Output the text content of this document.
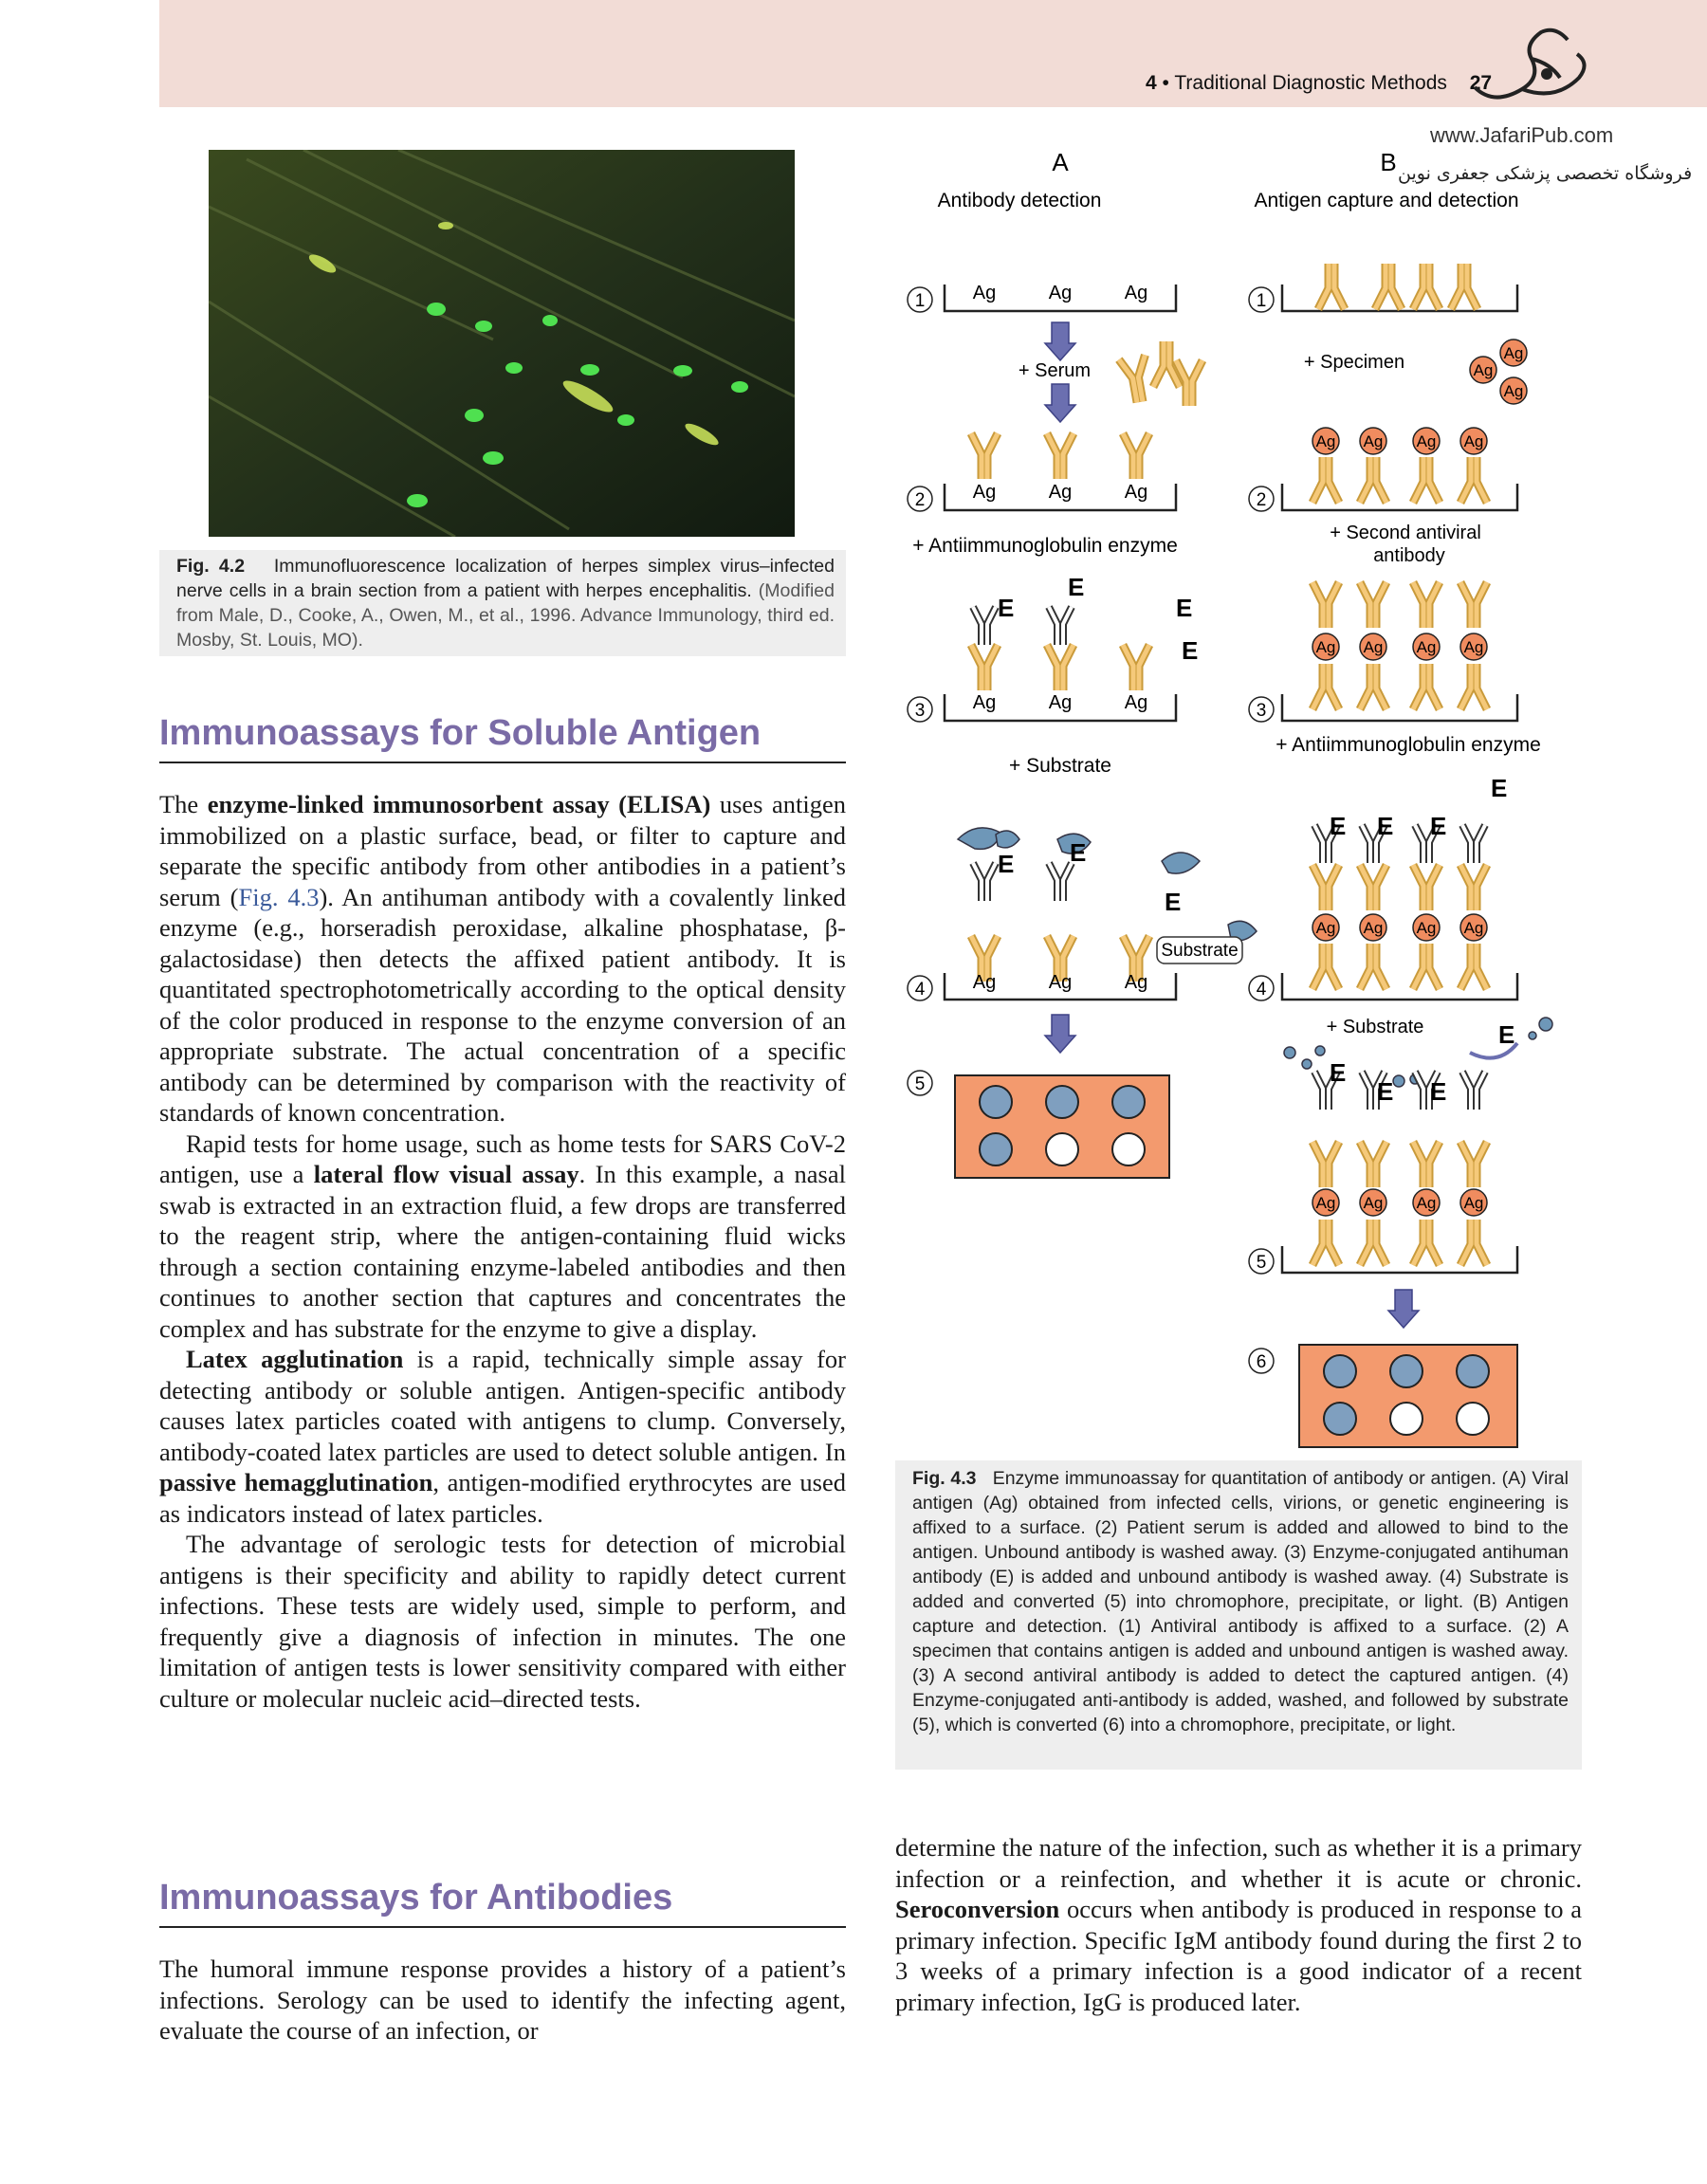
4 • Traditional Diagnostic Methods 27
www.JafariPub.com
فروشگاه تخصصی پزشکی جعفری نوین
Fig. 4.2 Immunofluorescence localization of herpes simplex virus–infected nerve cells in a brain section from a patient with herpes encephalitis. (Modified from Male, D., Cooke, A., Owen, M., et al., 1996. Advance Immunology, third ed. Mosby, St. Louis, MO).
Immunoassays for Soluble Antigen

The enzyme-linked immunosorbent assay (ELISA) uses antigen immobilized on a plastic surface, bead, or filter to capture and separate the specific antibody from other antibodies in a patient’s serum (Fig. 4.3). An antihuman antibody with a covalently linked enzyme (e.g., horseradish peroxidase, alkaline phosphatase, β-galactosidase) then detects the affixed patient antibody. It is quantitated spectrophotometrically according to the optical density of the color produced in response to the enzyme conversion of an appropriate substrate. The actual concentration of a specific antibody can be determined by comparison with the reactivity of standards of known concentration.

Rapid tests for home usage, such as home tests for SARS CoV-2 antigen, use a lateral flow visual assay. In this example, a nasal swab is extracted in an extraction fluid, a few drops are transferred to the reagent strip, where the antigen-containing fluid wicks through a section containing enzyme-labeled antibodies and then continues to another section that captures and concentrates the complex and has substrate for the enzyme to give a display.

Latex agglutination is a rapid, technically simple assay for detecting antibody or soluble antigen. Antigen-specific antibody causes latex particles coated with antigens to clump. Conversely, antibody-coated latex particles are used to detect soluble antigen. In passive hemagglutination, antigen-modified erythrocytes are used as indicators instead of latex particles.

The advantage of serologic tests for detection of microbial antigens is their specificity and ability to rapidly detect current infections. These tests are widely used, simple to perform, and frequently give a diagnosis of infection in minutes. The one limitation of antigen tests is lower sensitivity compared with either culture or molecular nucleic acid–directed tests.

Immunoassays for Antibodies

The humoral immune response provides a history of a patient’s infections. Serology can be used to identify the infecting agent, evaluate the course of an infection, or

determine the nature of the infection, such as whether it is a primary infection or a reinfection, and whether it is acute or chronic. Seroconversion occurs when antibody is produced in response to a primary infection. Specific IgM antibody found during the first 2 to 3 weeks of a primary infection is a good indicator of a recent primary infection, IgG is produced later.

Fig. 4.3 Enzyme immunoassay for quantitation of antibody or antigen. (A) Viral antigen (Ag) obtained from infected cells, virions, or genetic engineering is affixed to a surface. (2) Patient serum is added and allowed to bind to the antigen. Unbound antibody is washed away. (3) Enzyme-conjugated antihuman antibody (E) is added and unbound antibody is washed away. (4) Substrate is added and converted (5) into chromophore, precipitate, or light. (B) Antigen capture and detection. (1) Antiviral antibody is affixed to a surface. (2) A specimen that contains antigen is added and unbound antigen is washed away. (3) A second antiviral antibody is added to detect the captured antigen. (4) Enzyme-conjugated anti-antibody is added, washed, and followed by substrate (5), which is converted (6) into a chromophore, precipitate, or light.
A
Antibody detection
B
Antigen capture and detection
1	Ag	Ag	Ag
+ Serum
2	Ag	Ag	Ag
+ Antiimmunoglobulin enzyme
3
E
E
E
E
Ag	Ag	Ag
+ Substrate
E E
E
Substrate
4	Ag	Ag	Ag
5
1
+ Specimen	Ag
Ag
Ag
Ag Ag Ag Ag
2
+ Second antiviral
antibody
Ag Ag Ag Ag
3
+ Antiimmunoglobulin enzyme
E E E
E
Ag Ag Ag Ag
4
+ Substrate
E
E E
E
Ag Ag Ag Ag
5
6
